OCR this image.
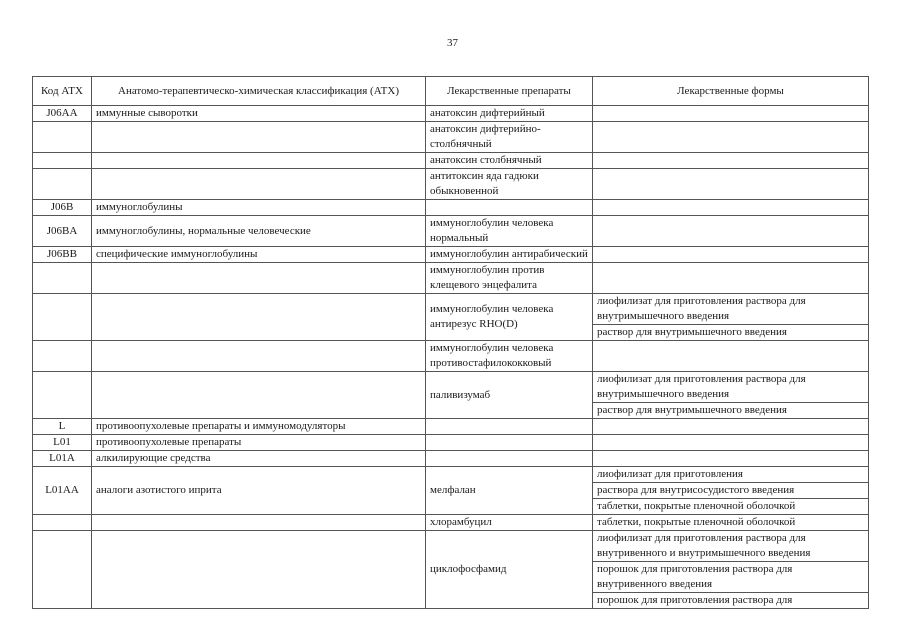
37
Код АТХ	Анатомо-терапевтическо-химическая классификация (АТХ)	Лекарственные препараты	Лекарственные формы
J06AA	иммунные сыворотки	анатоксин дифтерийный	
		анатоксин дифтерийно-столбнячный	
		анатоксин столбнячный	
		антитоксин яда гадюки обыкновенной	
J06B	иммуноглобулины		
J06BA	иммуноглобулины, нормальные человеческие	иммуноглобулин человека нормальный	
J06BB	специфические иммуноглобулины	иммуноглобулин антирабический	
		иммуноглобулин против клещевого энцефалита	
		иммуноглобулин человека антирезус RHO(D)	лиофилизат для приготовления раствора для внутримышечного введения
			раствор для внутримышечного введения
		иммуноглобулин человека противостафилококковый	
		паливизумаб	лиофилизат для приготовления раствора для внутримышечного введения
			раствор для внутримышечного введения
L	противоопухолевые препараты и иммуномодуляторы		
L01	противоопухолевые препараты		
L01A	алкилирующие средства		
L01AA	аналоги азотистого иприта	мелфалан	лиофилизат для приготовления
			раствора для внутрисосудистого введения
			таблетки, покрытые пленочной оболочкой
		хлорамбуцил	таблетки, покрытые пленочной оболочкой
		циклофосфамид	лиофилизат для приготовления раствора для внутривенного и внутримышечного введения
			порошок для приготовления раствора для внутривенного введения
			порошок для приготовления раствора для
